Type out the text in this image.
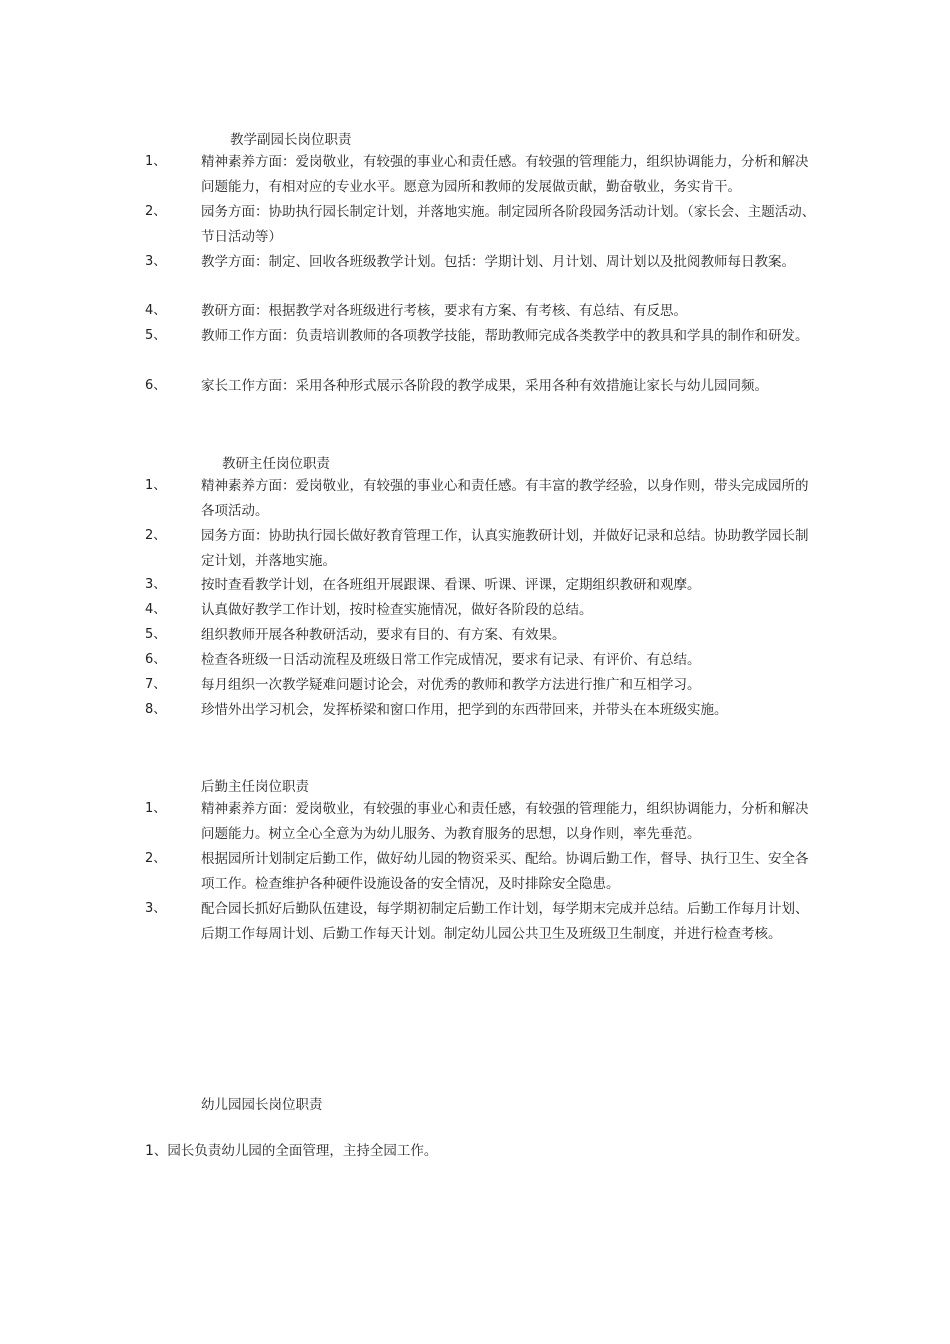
教学副园长岗位职责
1、	精神素养方面：爱岗敬业，有较强的事业心和责任感。有较强的管理能力，组织协调能力，分析和解决问题能力，有相对应的专业水平。愿意为园所和教师的发展做贡献，勤奋敬业，务实肯干。
2、	园务方面：协助执行园长制定计划，并落地实施。制定园所各阶段园务活动计划。（家长会、主题活动、节日活动等）
3、	教学方面：制定、回收各班级教学计划。包括：学期计划、月计划、周计划以及批阅教师每日教案。
4、	教研方面：根据教学对各班级进行考核，要求有方案、有考核、有总结、有反思。
5、	教师工作方面：负责培训教师的各项教学技能，帮助教师完成各类教学中的教具和学具的制作和研发。
6、	家长工作方面：采用各种形式展示各阶段的教学成果，采用各种有效措施让家长与幼儿园同频。
教研主任岗位职责
1、	精神素养方面：爱岗敬业，有较强的事业心和责任感。有丰富的教学经验，以身作则，带头完成园所的各项活动。
2、	园务方面：协助执行园长做好教育管理工作，认真实施教研计划，并做好记录和总结。协助教学园长制定计划，并落地实施。
3、	按时查看教学计划，在各班组开展跟课、看课、听课、评课，定期组织教研和观摩。
4、	认真做好教学工作计划，按时检查实施情况，做好各阶段的总结。
5、	组织教师开展各种教研活动，要求有目的、有方案、有效果。
6、	检查各班级一日活动流程及班级日常工作完成情况，要求有记录、有评价、有总结。
7、	每月组织一次教学疑难问题讨论会，对优秀的教师和教学方法进行推广和互相学习。
8、	珍惜外出学习机会，发挥桥梁和窗口作用，把学到的东西带回来，并带头在本班级实施。
后勤主任岗位职责
1、	精神素养方面：爱岗敬业，有较强的事业心和责任感，有较强的管理能力，组织协调能力，分析和解决问题能力。树立全心全意为为幼儿服务、为教育服务的思想，以身作则，率先垂范。
2、	根据园所计划制定后勤工作，做好幼儿园的物资采买、配给。协调后勤工作，督导、执行卫生、安全各项工作。检查维护各种硬件设施设备的安全情况，及时排除安全隐患。
3、	配合园长抓好后勤队伍建设，每学期初制定后勤工作计划，每学期末完成并总结。后勤工作每月计划、后期工作每周计划、后勤工作每天计划。制定幼儿园公共卫生及班级卫生制度，并进行检查考核。
幼儿园园长岗位职责
1、园长负责幼儿园的全面管理，主持全园工作。
